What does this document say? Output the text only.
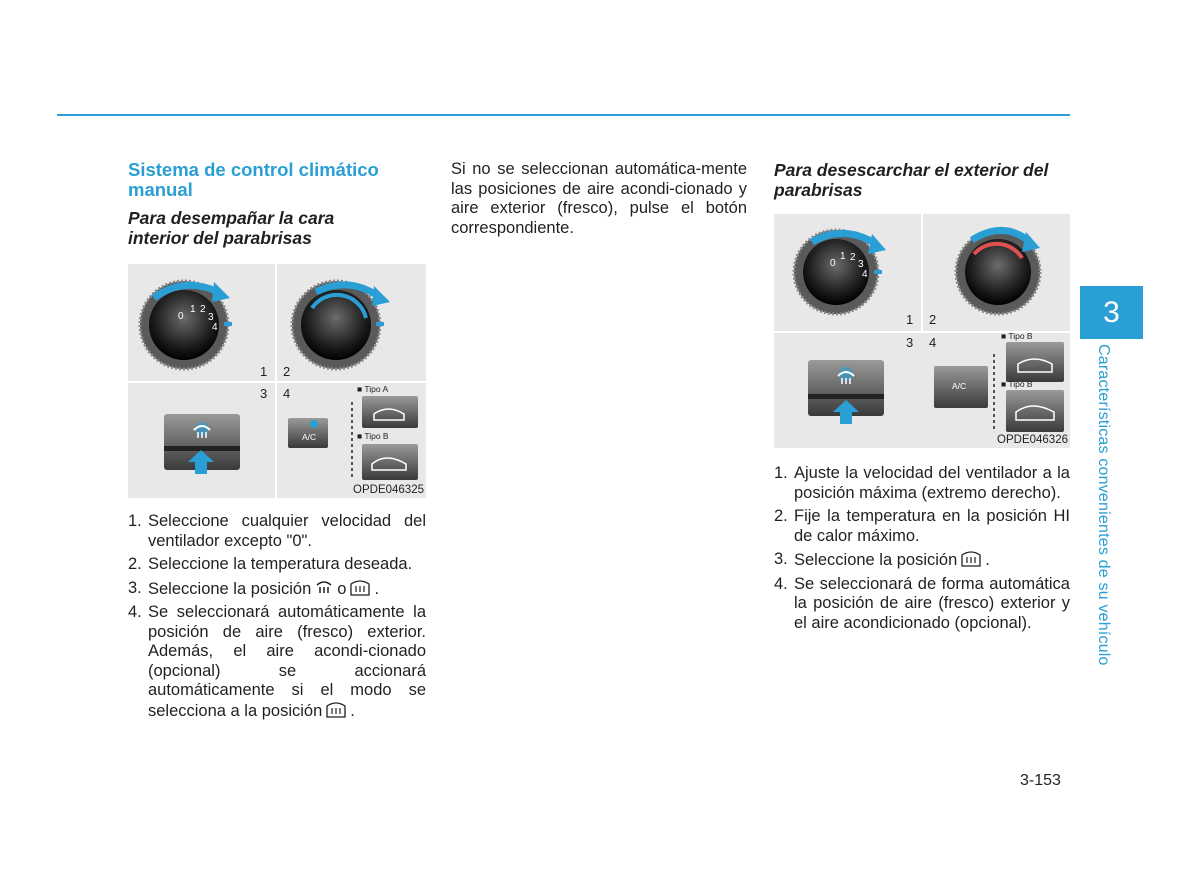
Sistema de control climático manual
Para desempañar la cara interior del parabrisas
1 2
3 4	■ Tipo A
■ Tipo B
A/C
0
1 2
3
4
OPDE046325
1. Seleccione cualquier velocidad del ventilador excepto "0".
2. Seleccione la temperatura deseada.
3. Seleccione la posición o .
4. Se seleccionará automáticamente la posición de aire (fresco) exterior. Además, el aire acondi-cionado (opcional) se accionará automáticamente si el modo se selecciona a la posición .

Si no se seleccionan automática-mente las posiciones de aire acondi-cionado y aire exterior (fresco), pulse el botón correspondiente.

Para desescarchar el exterior del parabrisas
1 2
3 4	■ Tipo B
■ Tipo B
A/C
0
1 2
3
4
OPDE046326
1. Ajuste la velocidad del ventilador a la posición máxima (extremo derecho).
2. Fije la temperatura en la posición HI de calor máximo.
3. Seleccione la posición .
4. Se seleccionará de forma automática la posición de aire (fresco) exterior y el aire acondicionado (opcional).
3
Características convenientes de su vehículo
3-153
